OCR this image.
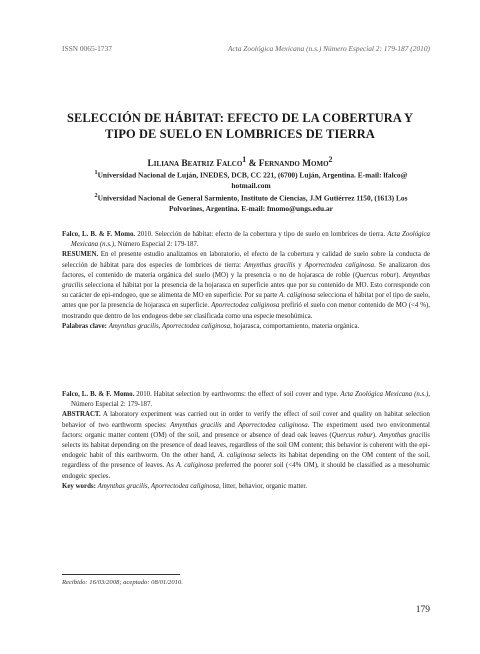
ISSN 0065-1737	Acta Zoológica Mexicana (n.s.) Número Especial 2: 179-187 (2010)
SELECCIÓN DE HÁBITAT: EFECTO DE LA COBERTURA Y
TIPO DE SUELO EN LOMBRICES DE TIERRA
Liliana Beatriz Falco$^1$ & Fernando Momo$^2$
$^1$Universidad Nacional de Luján, INEDES, DCB, CC 221, (6700) Luján, Argentina. E-mail: lfalco@
hotmail.com
$^2$Universidad Nacional de General Sarmiento, Instituto de Ciencias, J.M Gutiérrez 1150, (1613) Los
Polvorines, Argentina. E-mail: fmomo@ungs.edu.ar

Falco, L. B. & F. Momo. 2010. Selección de hábitat: efecto de la cobertura y tipo de suelo en lombrices de tierra. Acta Zoológica Mexicana (n.s.), Número Especial 2: 179-187.

RESUMEN. En el presente estudio analizamos en laboratorio, el efecto de la cobertura y calidad de suelo sobre la conducta de selección de hábitat para dos especies de lombrices de tierra: Amynthas gracilis y Aporrectodea caliginosa. Se analizaron dos factores, el contenido de materia orgánica del suelo (MO) y la presencia o no de hojarasca de roble (Quercus robur). Amynthas gracilis selecciona el hábitat por la presencia de la hojarasca en superficie antes que por su contenido de MO. Esto corresponde con su carácter de epi-endogeo, que se alimenta de MO en superficie. Por su parte A. caliginosa selecciona el hábitat por el tipo de suelo, antes que por la presencia de hojarasca en superficie. Aporrectodea caliginosa prefirió el suelo con menor contenido de MO (<4 %), mostrando que dentro de los endogeos debe ser clasificada como una especie mesohúmica.

Palabras clave: Amynthas gracilis, Aporrectodea caliginosa, hojarasca, comportamiento, materia orgánica.

Falco, L. B. & F. Momo. 2010. Habitat selection by earthworms: the effect of soil cover and type. Acta Zoológica Mexicana (n.s.), Número Especial 2: 179-187.

ABSTRACT. A laboratory experiment was carried out in order to verify the effect of soil cover and quality on habitat selection behavior of two earthworm species: Amynthas gracilis and Aporrectodea caliginosa. The experiment used two environmental factors: organic matter content (OM) of the soil, and presence or absence of dead oak leaves (Quercus robur). Amynthas gracilis selects its habitat depending on the presence of dead leaves, regardless of the soil OM content; this behavior is coherent with the epi-endogeic habit of this earthworm. On the other hand, A. caliginosa selects its habitat depending on the OM content of the soil, regardless of the presence of leaves. As A. caliginosa preferred the poorer soil (<4% OM), it should be classified as a mesohumic endogeic species.

Key words: Amynthas gracilis, Aporrectodea caliginosa, litter, behavior, organic matter.

Recibido: 16/03/2008; aceptado: 08/01/2010.
179
